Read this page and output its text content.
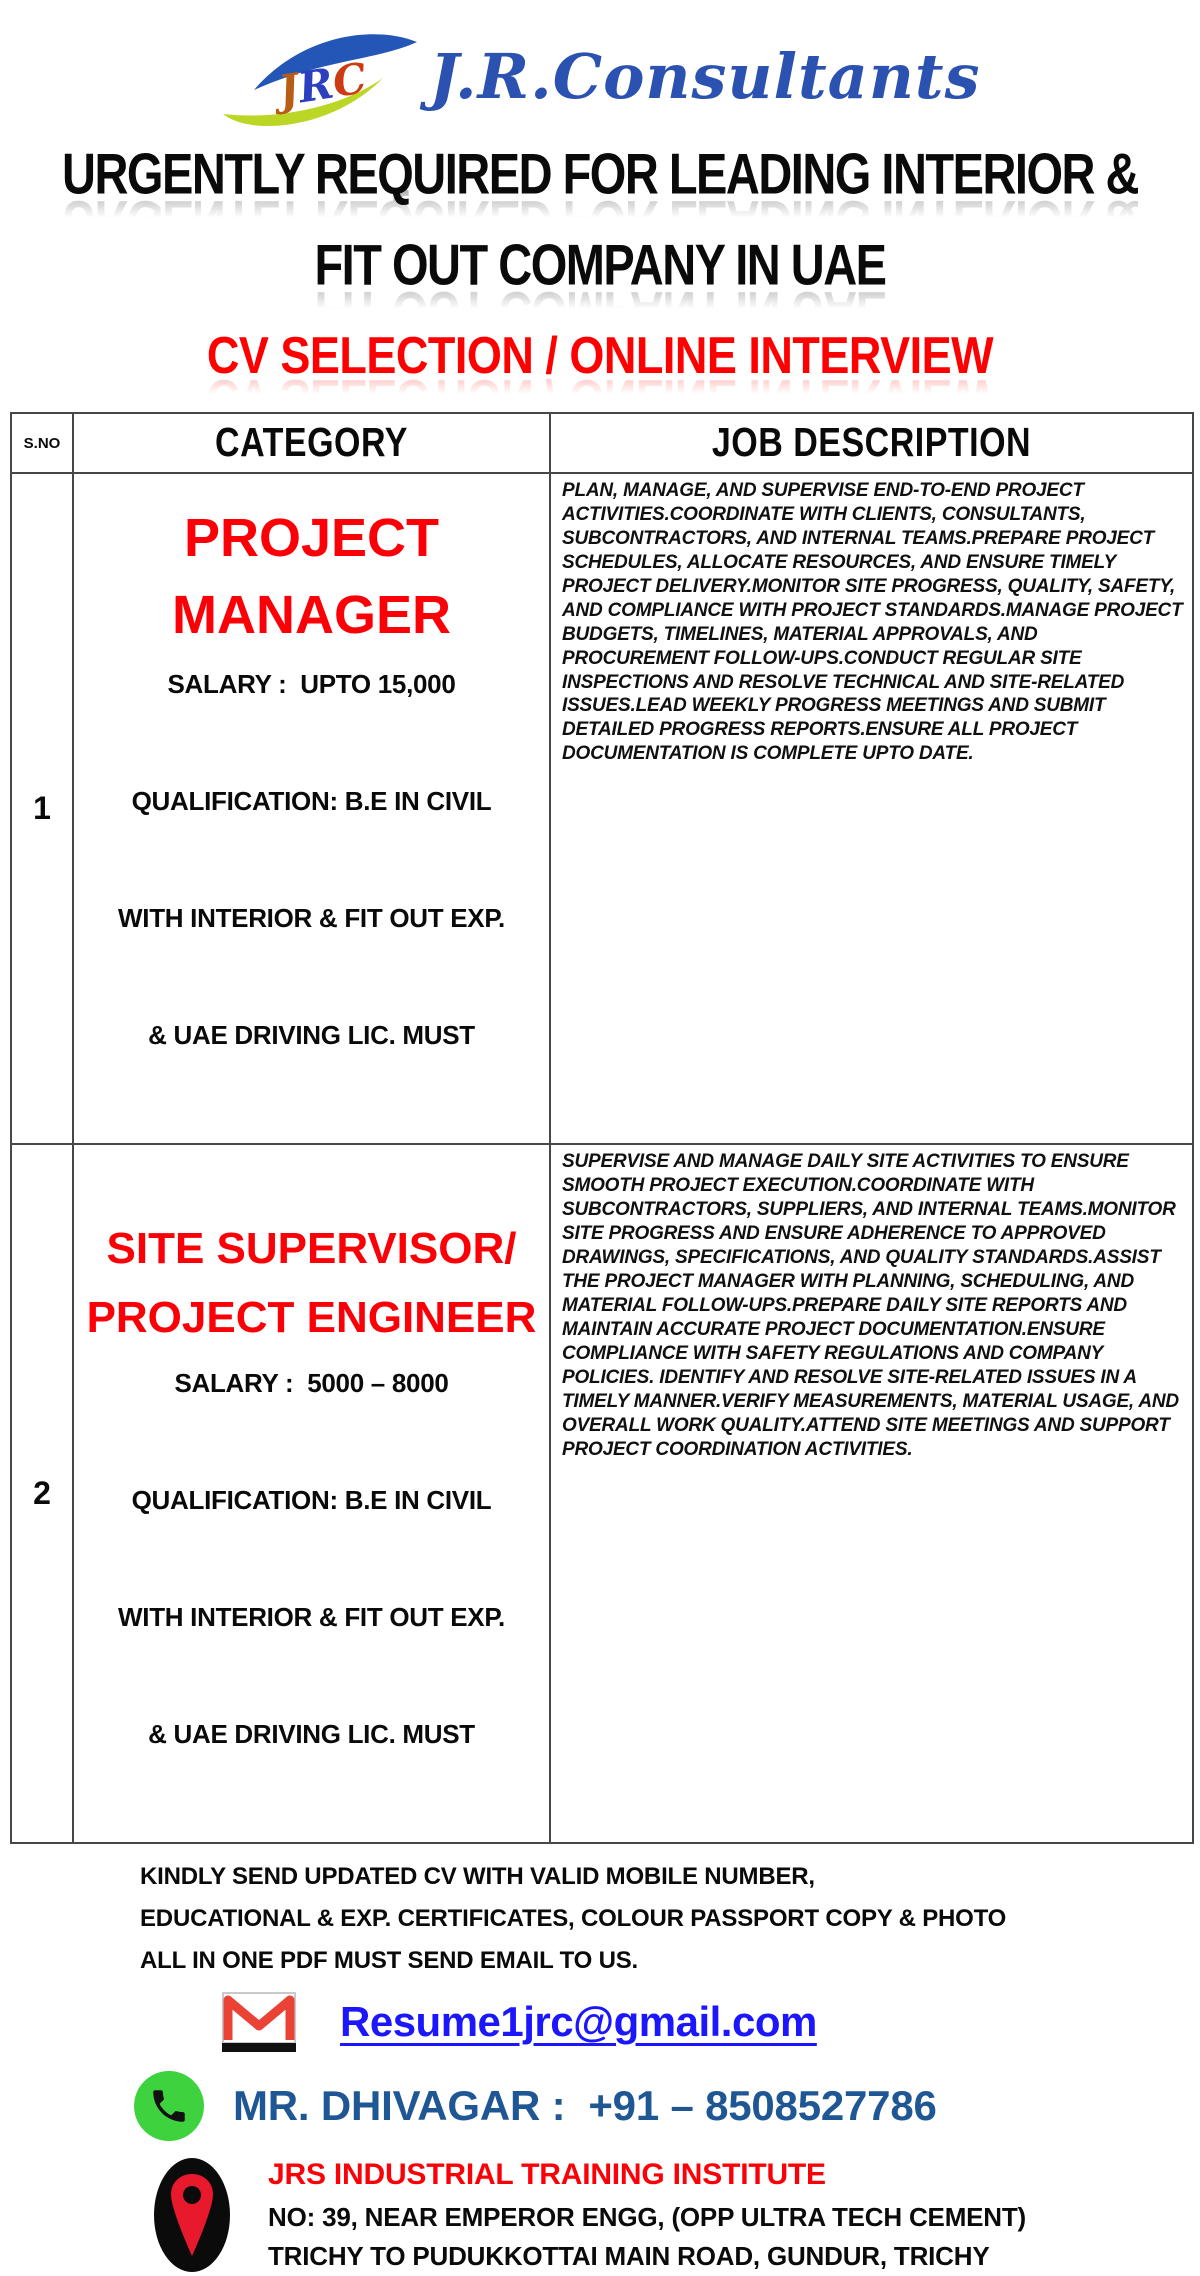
JRC J.R.Consultants
URGENTLY REQUIRED FOR LEADING INTERIOR &
FIT OUT COMPANY IN UAE
CV SELECTION / ONLINE INTERVIEW
S.NO	CATEGORY	JOB DESCRIPTION
1
PROJECT
MANAGER
SALARY :  UPTO 15,000

QUALIFICATION: B.E IN CIVIL

WITH INTERIOR & FIT OUT EXP.

& UAE DRIVING LIC. MUST

PLAN, MANAGE, AND SUPERVISE END-TO-END PROJECT ACTIVITIES.COORDINATE WITH CLIENTS, CONSULTANTS, SUBCONTRACTORS, AND INTERNAL TEAMS.PREPARE PROJECT SCHEDULES, ALLOCATE RESOURCES, AND ENSURE TIMELY PROJECT DELIVERY.MONITOR SITE PROGRESS, QUALITY, SAFETY, AND COMPLIANCE WITH PROJECT STANDARDS.MANAGE PROJECT BUDGETS, TIMELINES, MATERIAL APPROVALS, AND PROCUREMENT FOLLOW-UPS.CONDUCT REGULAR SITE INSPECTIONS AND RESOLVE TECHNICAL AND SITE-RELATED ISSUES.LEAD WEEKLY PROGRESS MEETINGS AND SUBMIT DETAILED PROGRESS REPORTS.ENSURE ALL PROJECT DOCUMENTATION IS COMPLETE UPTO DATE.
2
SITE SUPERVISOR/
PROJECT ENGINEER
SALARY :  5000 – 8000

QUALIFICATION: B.E IN CIVIL

WITH INTERIOR & FIT OUT EXP.

& UAE DRIVING LIC. MUST

SUPERVISE AND MANAGE DAILY SITE ACTIVITIES TO ENSURE SMOOTH PROJECT EXECUTION.COORDINATE WITH SUBCONTRACTORS, SUPPLIERS, AND INTERNAL TEAMS.MONITOR SITE PROGRESS AND ENSURE ADHERENCE TO APPROVED DRAWINGS, SPECIFICATIONS, AND QUALITY STANDARDS.ASSIST THE PROJECT MANAGER WITH PLANNING, SCHEDULING, AND MATERIAL FOLLOW-UPS.PREPARE DAILY SITE REPORTS AND MAINTAIN ACCURATE PROJECT DOCUMENTATION.ENSURE COMPLIANCE WITH SAFETY REGULATIONS AND COMPANY POLICIES. IDENTIFY AND RESOLVE SITE-RELATED ISSUES IN A TIMELY MANNER.VERIFY MEASUREMENTS, MATERIAL USAGE, AND OVERALL WORK QUALITY.ATTEND SITE MEETINGS AND SUPPORT PROJECT COORDINATION ACTIVITIES.
KINDLY SEND UPDATED CV WITH VALID MOBILE NUMBER,
EDUCATIONAL & EXP. CERTIFICATES, COLOUR PASSPORT COPY & PHOTO
ALL IN ONE PDF MUST SEND EMAIL TO US.
Resume1jrc@gmail.com
MR. DHIVAGAR :  +91 – 8508527786
JRS INDUSTRIAL TRAINING INSTITUTE
NO: 39, NEAR EMPEROR ENGG, (OPP ULTRA TECH CEMENT)
TRICHY TO PUDUKKOTTAI MAIN ROAD, GUNDUR, TRICHY
